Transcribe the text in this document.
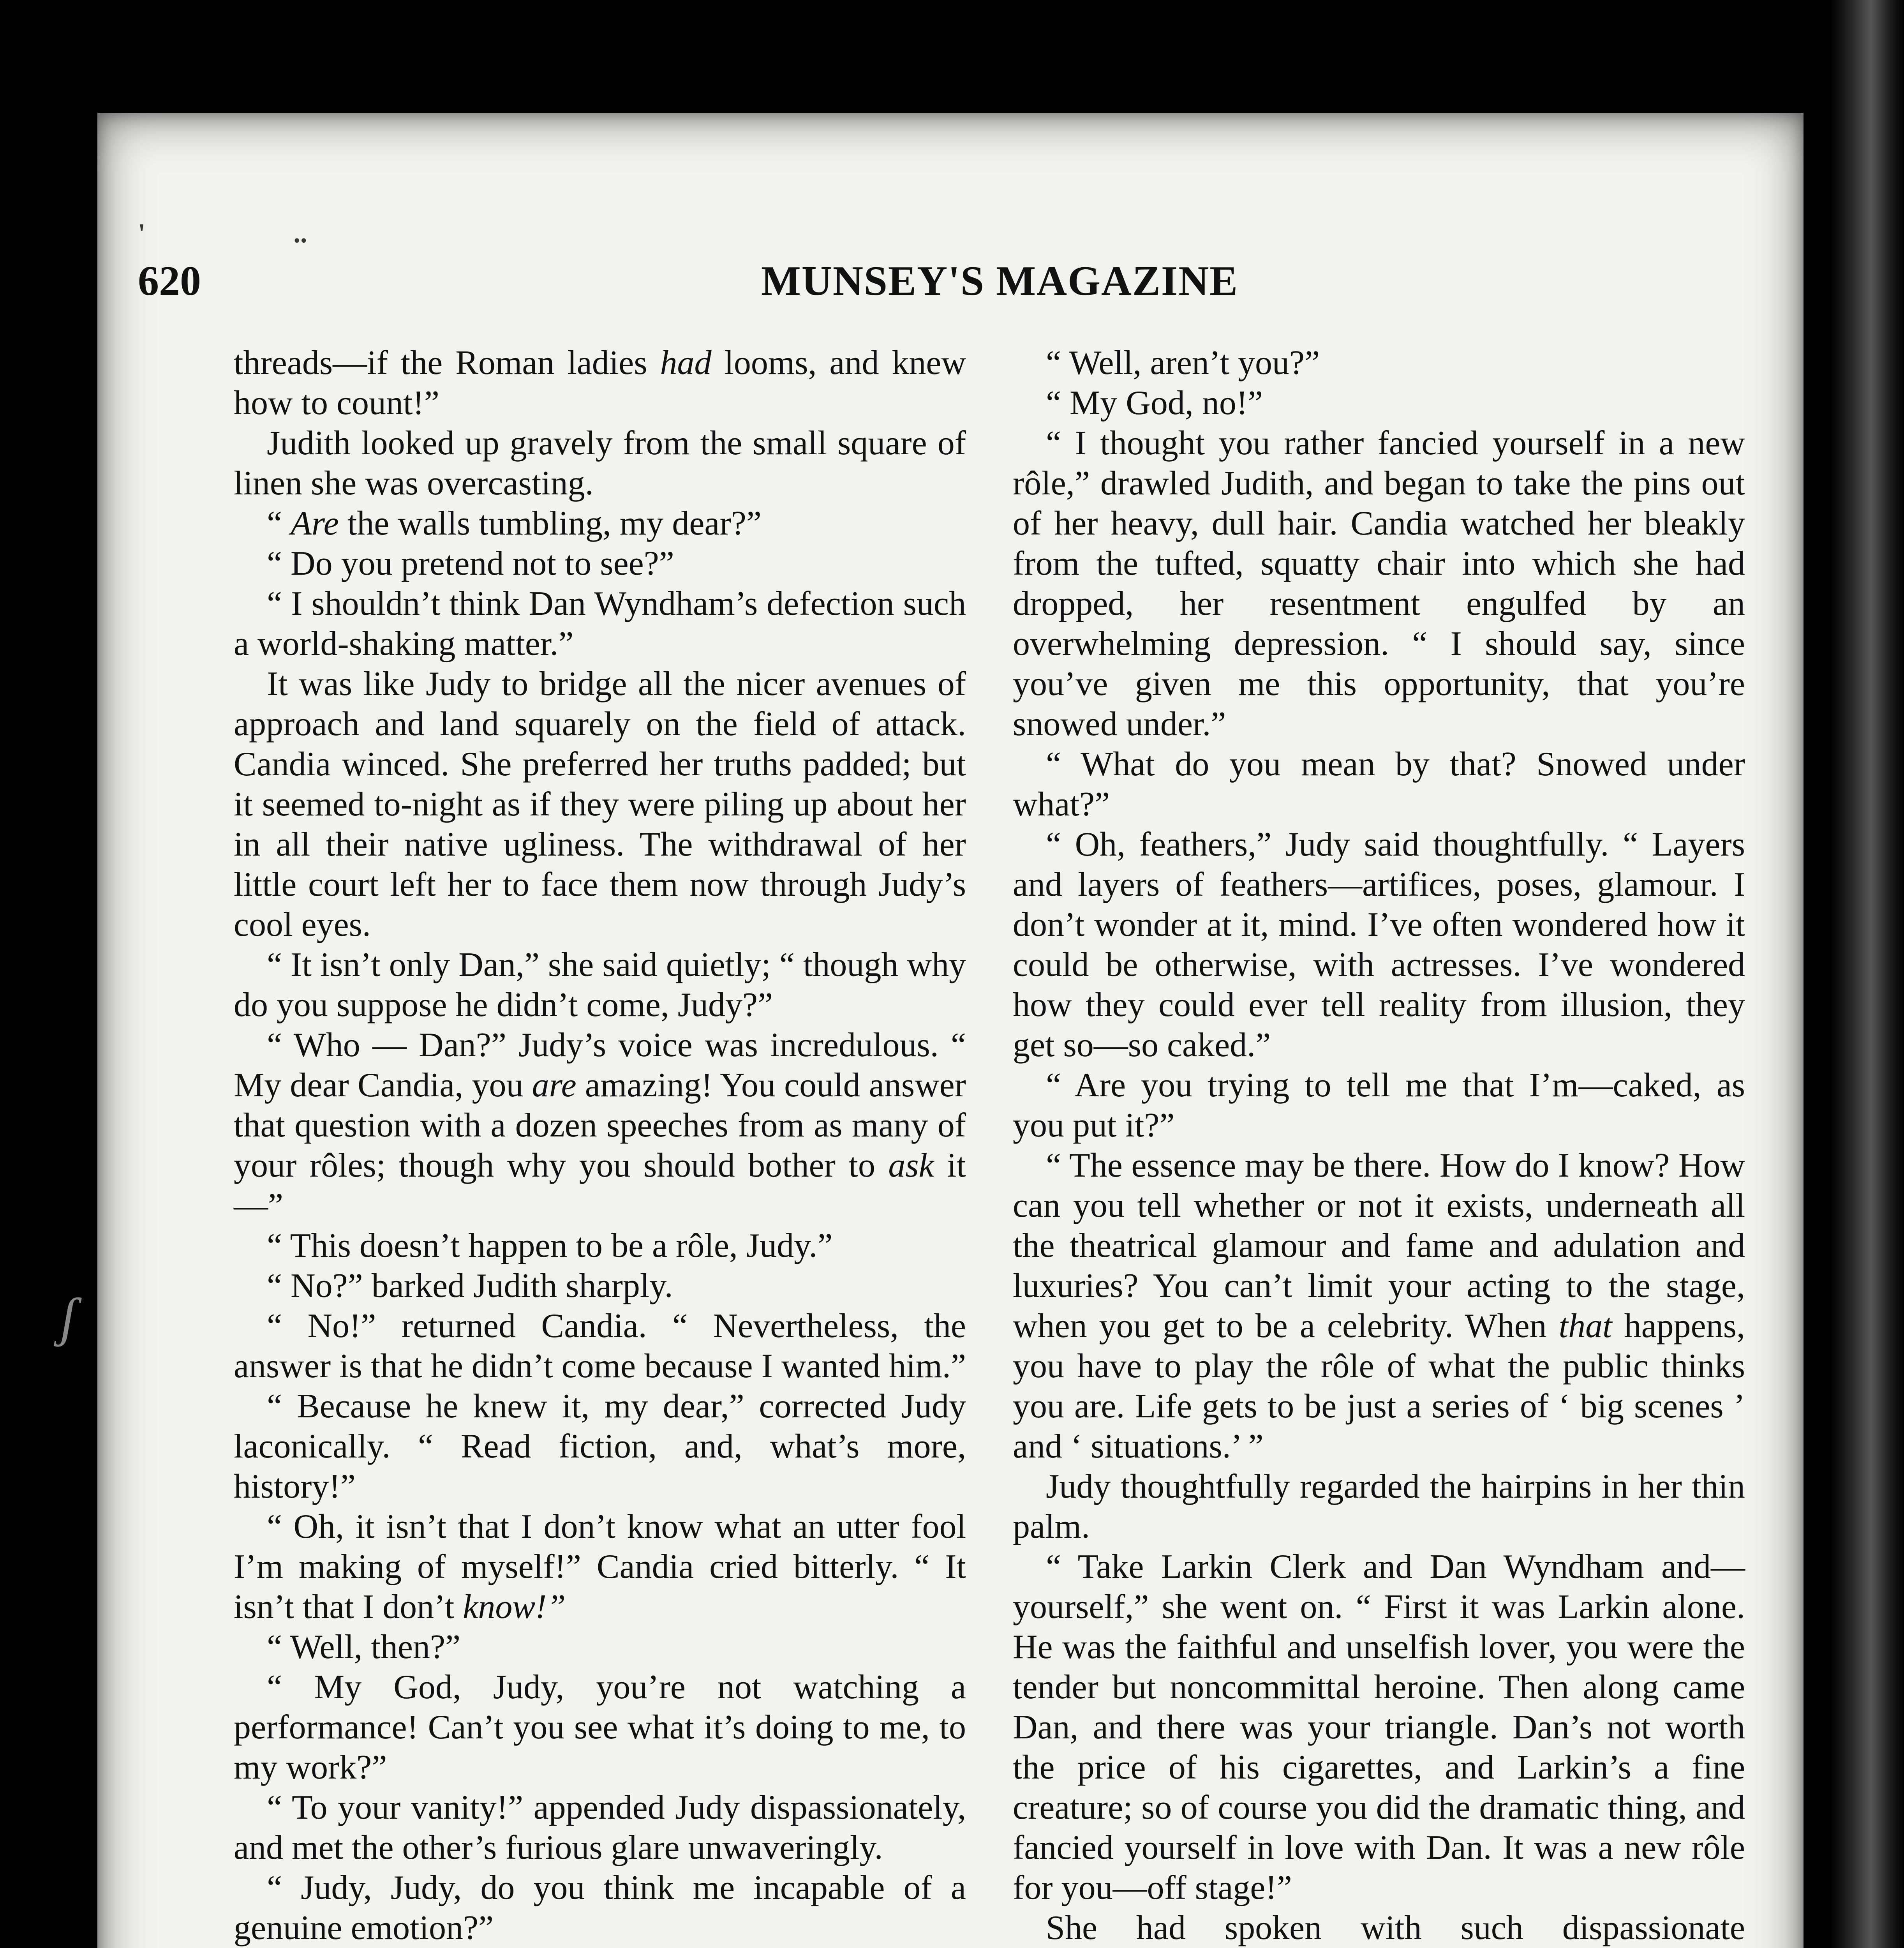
'	..
620	MUNSEY'S MAGAZINE
ʃ

threads—if the Roman ladies had looms, and knew how to count!”

Judith looked up gravely from the small square of linen she was overcasting.

“ Are the walls tumbling, my dear?”

“ Do you pretend not to see?”

“ I shouldn’t think Dan Wyndham’s defection such a world-shaking matter.”

It was like Judy to bridge all the nicer avenues of approach and land squarely on the field of attack. Candia winced. She preferred her truths padded; but it seemed to-night as if they were piling up about her in all their native ugliness. The withdrawal of her little court left her to face them now through Judy’s cool eyes.

“ It isn’t only Dan,” she said quietly; “ though why do you suppose he didn’t come, Judy?”

“ Who — Dan?” Judy’s voice was incredulous. “ My dear Candia, you are amazing! You could answer that question with a dozen speeches from as many of your rôles; though why you should bother to ask it—”

“ This doesn’t happen to be a rôle, Judy.”

“ No?” barked Judith sharply.

“ No!” returned Candia. “ Nevertheless, the answer is that he didn’t come because I wanted him.”

“ Because he knew it, my dear,” corrected Judy laconically. “ Read fiction, and, what’s more, history!”

“ Oh, it isn’t that I don’t know what an utter fool I’m making of myself!” Candia cried bitterly. “ It isn’t that I don’t know!”

“ Well, then?”

“ My God, Judy, you’re not watching a performance! Can’t you see what it’s doing to me, to my work?”

“ To your vanity!” appended Judy dispassionately, and met the other’s furious glare unwaveringly.

“ Judy, Judy, do you think me incapable of a genuine emotion?”

“ Well, aren’t you?”

“ My God, no!”

“ I thought you rather fancied yourself in a new rôle,” drawled Judith, and began to take the pins out of her heavy, dull hair. Candia watched her bleakly from the tufted, squatty chair into which she had dropped, her resentment engulfed by an overwhelming depression. “ I should say, since you’ve given me this opportunity, that you’re snowed under.”

“ What do you mean by that? Snowed under what?”

“ Oh, feathers,” Judy said thoughtfully. “ Layers and layers of feathers—artifices, poses, glamour. I don’t wonder at it, mind. I’ve often wondered how it could be otherwise, with actresses. I’ve wondered how they could ever tell reality from illusion, they get so—so caked.”

“ Are you trying to tell me that I’m—caked, as you put it?”

“ The essence may be there. How do I know? How can you tell whether or not it exists, underneath all the theatrical glamour and fame and adulation and luxuries? You can’t limit your acting to the stage, when you get to be a celebrity. When that happens, you have to play the rôle of what the public thinks you are. Life gets to be just a series of ‘ big scenes ’ and ‘ situations.’ ”

Judy thoughtfully regarded the hairpins in her thin palm.

“ Take Larkin Clerk and Dan Wyndham and—yourself,” she went on. “ First it was Larkin alone. He was the faithful and unselfish lover, you were the tender but noncommittal heroine. Then along came Dan, and there was your triangle. Dan’s not worth the price of his cigarettes, and Larkin’s a fine creature; so of course you did the dramatic thing, and fancied yourself in love with Dan. It was a new rôle for you—off stage!”

She had spoken with such dispassionate
